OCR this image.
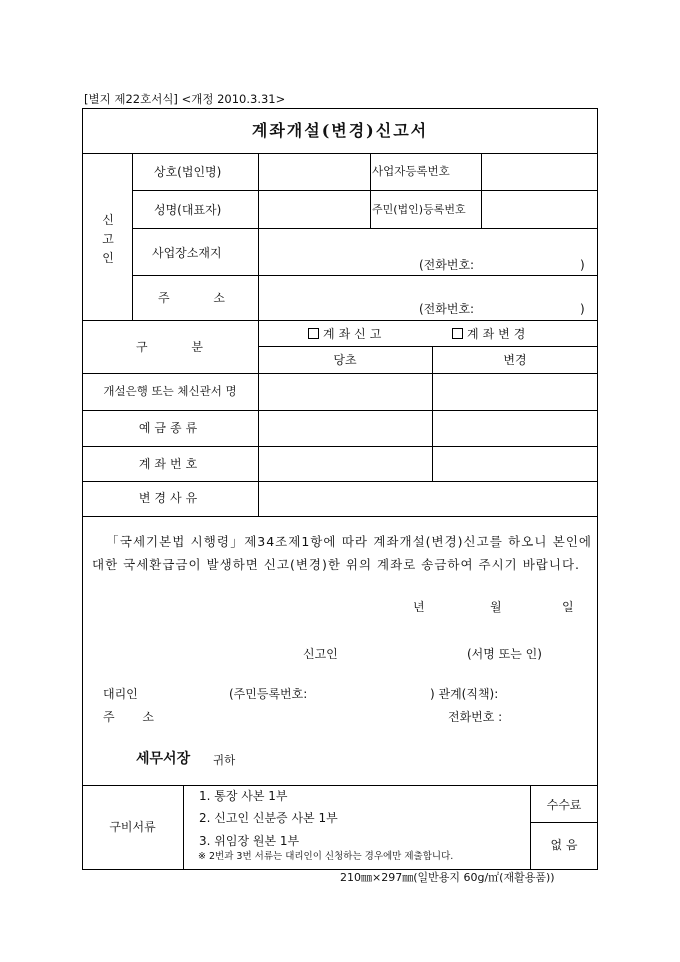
[별지 제22호서식] <개정 2010.3.31>
계좌개설(변경)신고서
신고인
상호(법인명)	사업자등록번호
성명(대표자)	주민(법인)등록번호
사업장소재지
(전화번호:	)
주 소
(전화번호:	)
구 분
계좌신고	계좌변경
당초	변경
개설은행 또는 체신관서 명
예금종류
계좌번호
변경사유
「국세기본법 시행령」제34조제1항에 따라 계좌개설(변경)신고를 하오니 본인에 대한 국세환급금이 발생하면 신고(변경)한 위의 계좌로 송금하여 주시기 바랍니다.
년	월	일
신고인	(서명 또는 인)
대리인	(주민등록번호:	) 관계(직책):
주 소	전화번호 :
세무서장 귀하
구비서류
1. 통장 사본 1부
2. 신고인 신분증 사본 1부
3. 위임장 원본 1부
※ 2번과 3번 서류는 대리인이 신청하는 경우에만 제출합니다.
수수료
없 음
210㎜×297㎜(일반용지 60g/㎡(재활용품))
